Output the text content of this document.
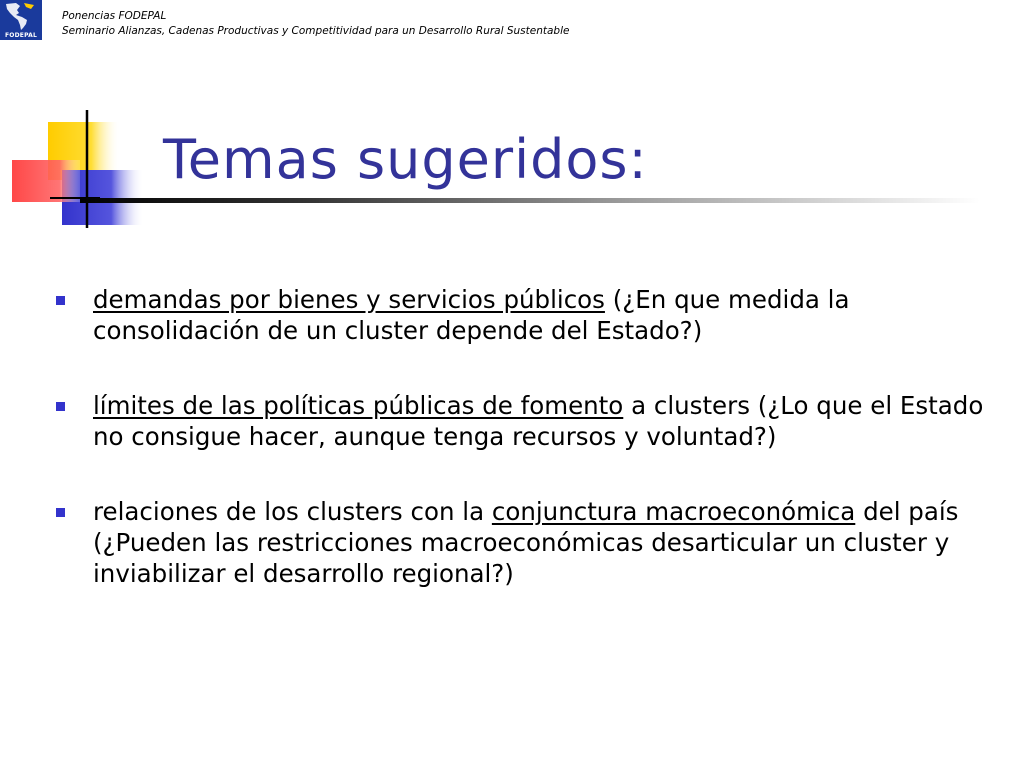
FODEPAL
Ponencias FODEPAL
Seminario Alianzas, Cadenas Productivas y Competitividad para un Desarrollo Rural Sustentable
Temas sugeridos:
demandas por bienes y servicios públicos (¿En que medida la consolidación de un cluster depende del Estado?)
límites de las políticas públicas de fomento a clusters (¿Lo que el Estado no consigue hacer, aunque tenga recursos y voluntad?)
relaciones de los clusters con la conjunctura macroeconómica del país (¿Pueden las restricciones macroeconómicas desarticular un cluster y inviabilizar el desarrollo regional?)
